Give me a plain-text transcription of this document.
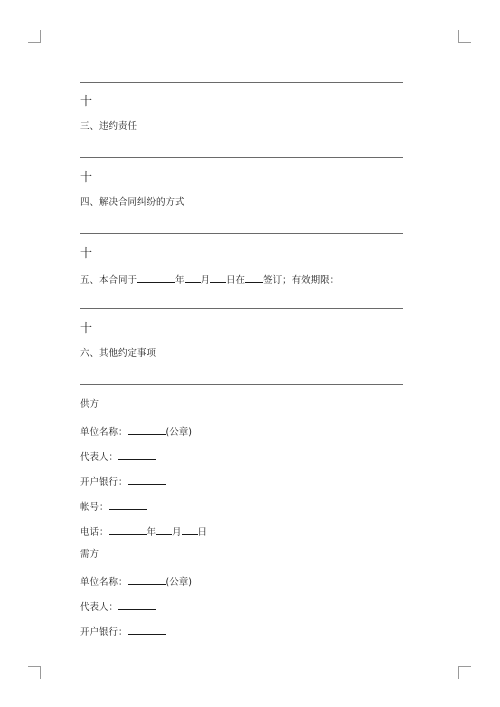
十
三、违约责任
十
四、解决合同纠纷的方式
十
五、本合同于	年 月 日在 签订；有效期限：
十
六、其他约定事项
供方
单位名称：	(公章)
代表人：
开户银行：
帐号：
电话：	年 月 日
需方
单位名称：	(公章)
代表人：
开户银行：
